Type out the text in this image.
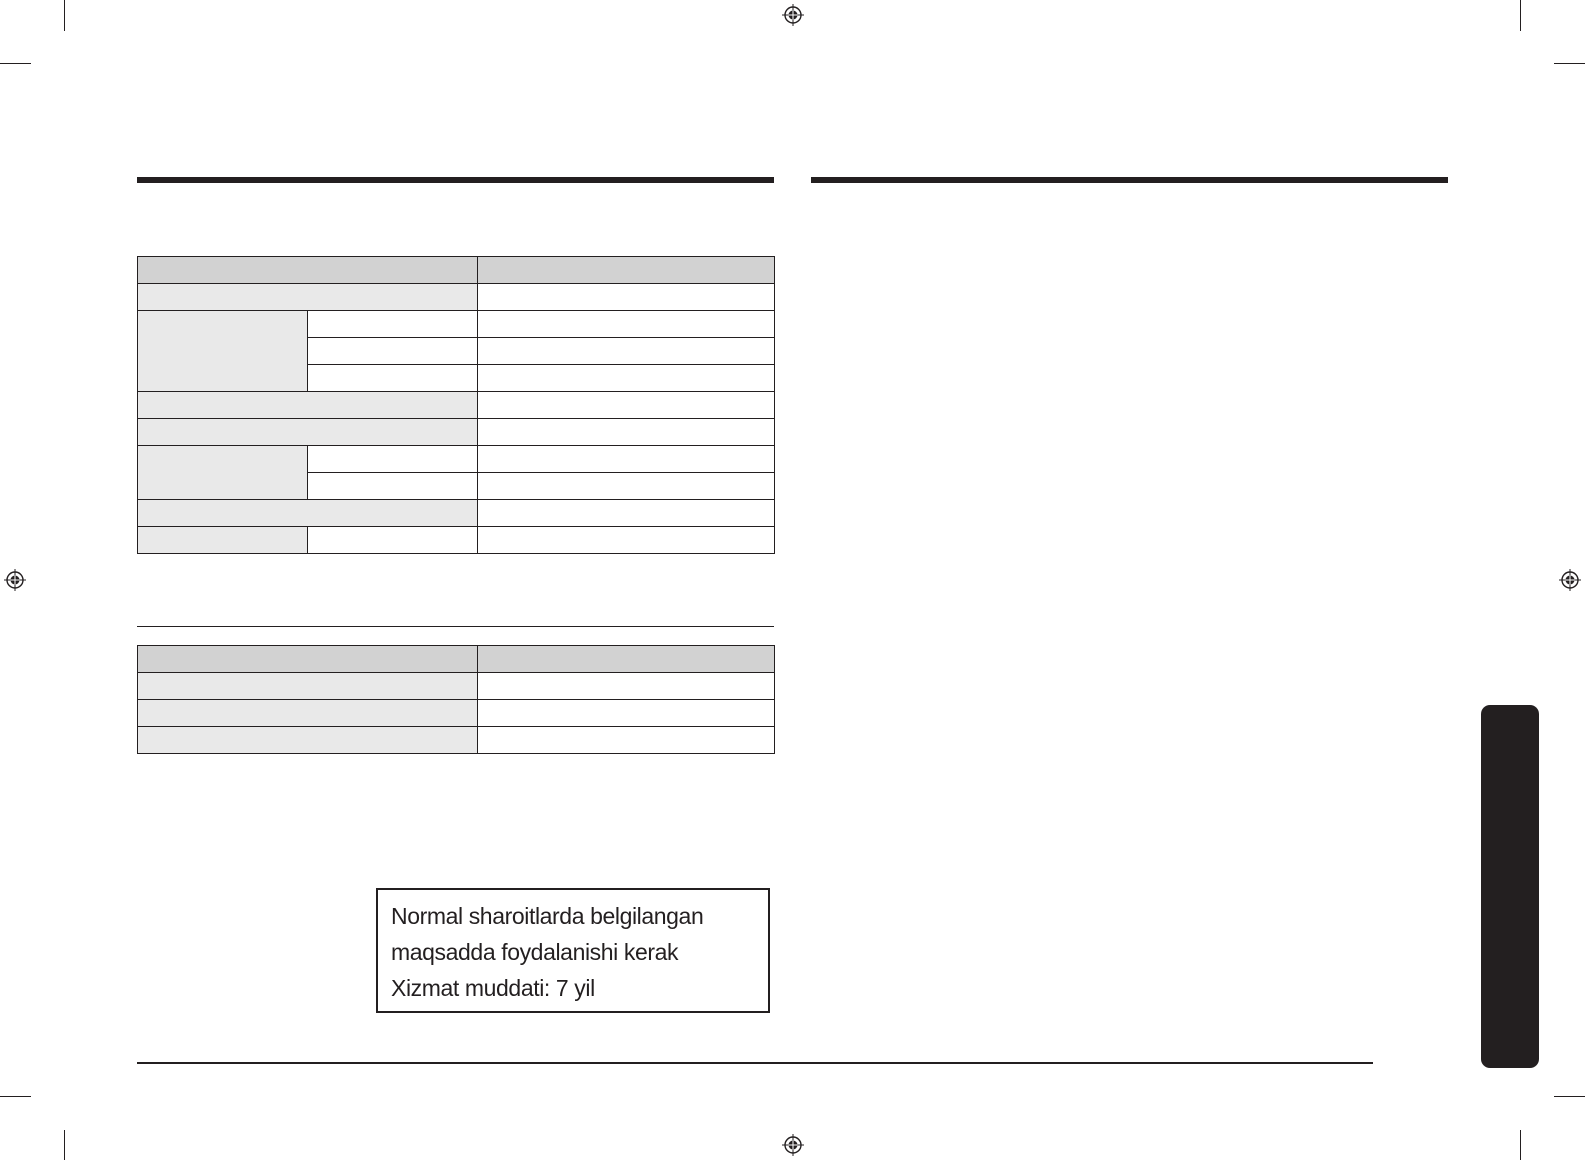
Normal sharoitlarda belgilangan
maqsadda foydalanishi kerak
Xizmat muddati: 7 yil
